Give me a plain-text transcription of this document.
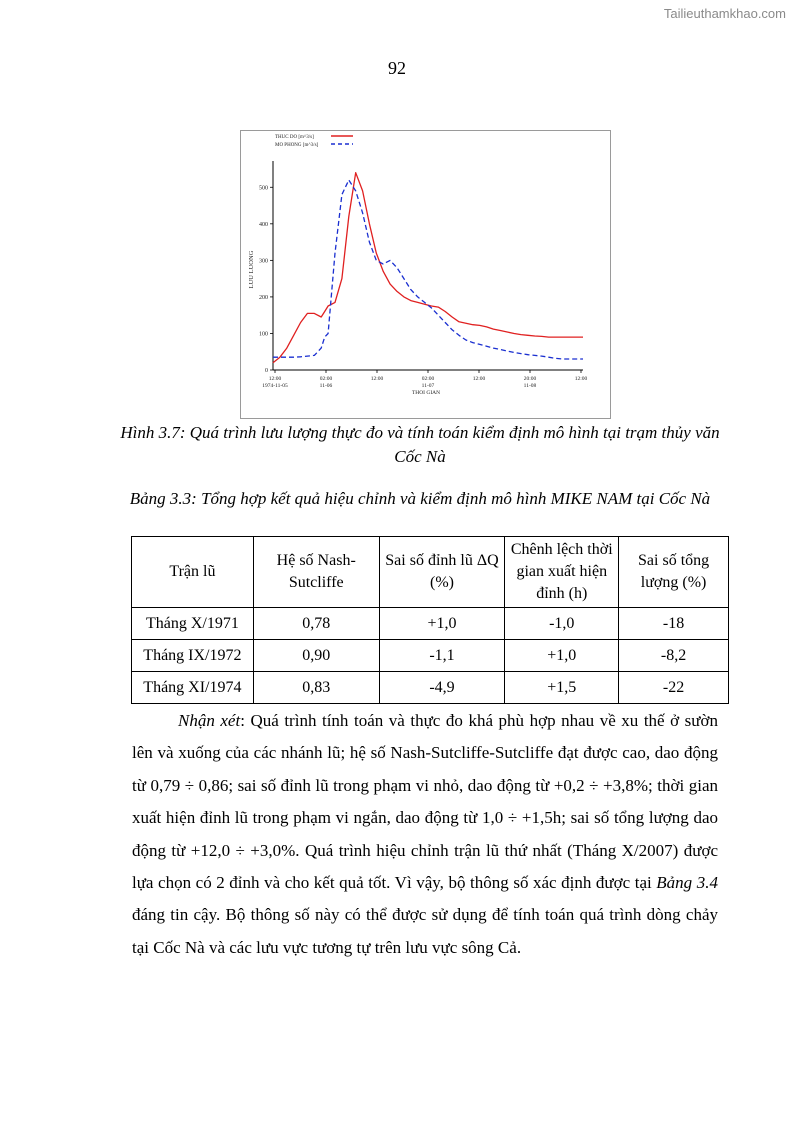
Tailieuthamkhao.com
92
THUC DO [m^3/s]
MO PHONG [m^3/s]
0
100
200
300
400
500
LUU LUONG
12:00
1974-11-05
02:00
11-06
12:00	02:00
11-07
12:00	20:00
11-08
12:00
THOI GIAN
Hình 3.7: Quá trình lưu lượng thực đo và tính toán kiểm định mô hình tại trạm thủy văn Cốc Nà
Bảng 3.3: Tổng hợp kết quả hiệu chỉnh và kiểm định mô hình MIKE NAM tại Cốc Nà
Trận lũ	Hệ số Nash-Sutcliffe	Sai số đỉnh lũ ΔQ (%)	Chênh lệch thời gian xuất hiện đỉnh (h)	Sai số tổng lượng (%)
Tháng X/1971	0,78	+1,0	-1,0	-18
Tháng IX/1972	0,90	-1,1	+1,0	-8,2
Tháng XI/1974	0,83	-4,9	+1,5	-22
Nhận xét: Quá trình tính toán và thực đo khá phù hợp nhau về xu thế ở sườn lên và xuống của các nhánh lũ; hệ số Nash-Sutcliffe-Sutcliffe đạt được cao, dao động từ 0,79 ÷ 0,86; sai số đỉnh lũ trong phạm vi nhỏ, dao động từ +0,2 ÷ +3,8%; thời gian xuất hiện đỉnh lũ trong phạm vi ngắn, dao động từ 1,0 ÷ +1,5h; sai số tổng lượng dao động từ +12,0 ÷ +3,0%. Quá trình hiệu chỉnh trận lũ thứ nhất (Tháng X/2007) được lựa chọn có 2 đỉnh và cho kết quả tốt. Vì vậy, bộ thông số xác định được tại Bảng 3.4 đáng tin cậy. Bộ thông số này có thể được sử dụng để tính toán quá trình dòng chảy tại Cốc Nà và các lưu vực tương tự trên lưu vực sông Cả.
